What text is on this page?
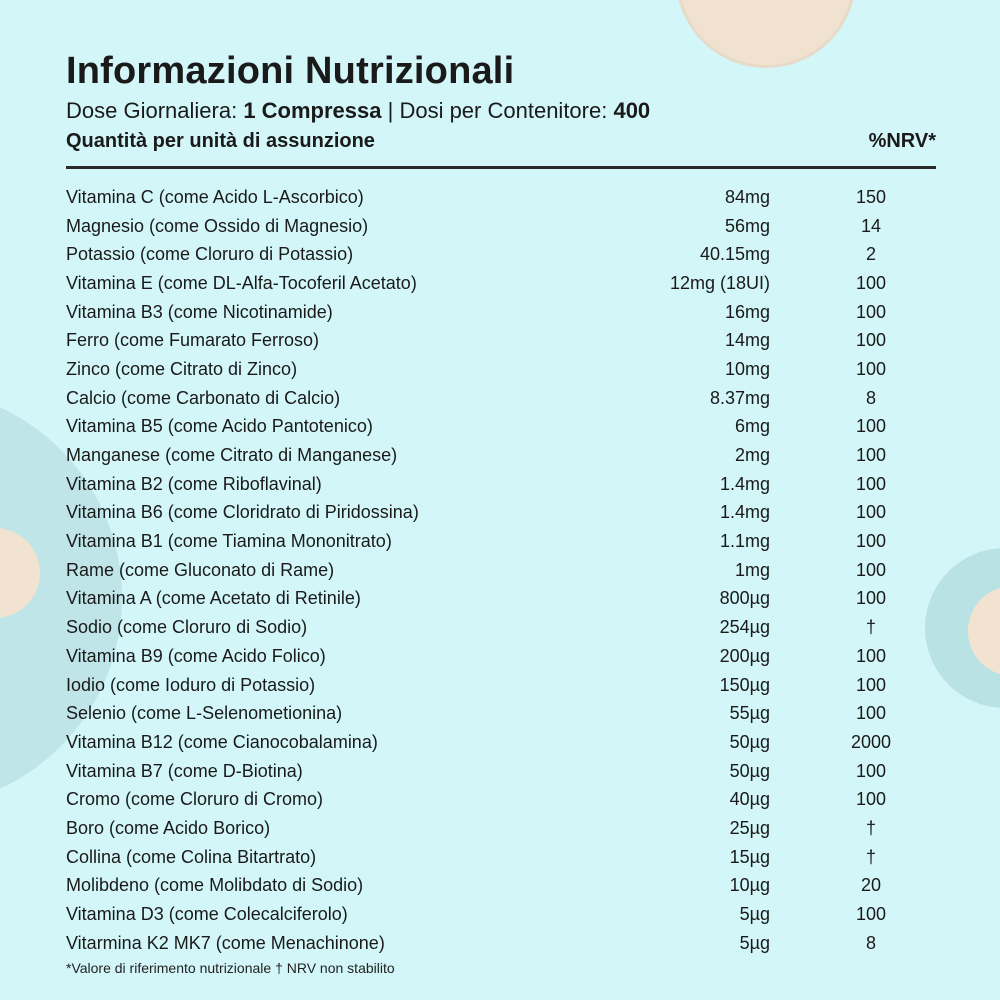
Informazioni Nutrizionali
Dose Giornaliera: 1 Compressa | Dosi per Contenitore: 400
Quantità per unità di assunzione	%NRV*
Vitamina C (come Acido L-Ascorbico)	84mg	150
Magnesio (come Ossido di Magnesio)	56mg	14
Potassio (come Cloruro di Potassio)	40.15mg	2
Vitamina E (come DL-Alfa-Tocoferil Acetato)	12mg (18UI)	100
Vitamina B3 (come Nicotinamide)	16mg	100
Ferro (come Fumarato Ferroso)	14mg	100
Zinco (come Citrato di Zinco)	10mg	100
Calcio (come Carbonato di Calcio)	8.37mg	8
Vitamina B5 (come Acido Pantotenico)	6mg	100
Manganese (come Citrato di Manganese)	2mg	100
Vitamina B2 (come Riboflavinal)	1.4mg	100
Vitamina B6 (come Cloridrato di Piridossina)	1.4mg	100
Vitamina B1 (come Tiamina Mononitrato)	1.1mg	100
Rame (come Gluconato di Rame)	1mg	100
Vitamina A (come Acetato di Retinile)	800µg	100
Sodio (come Cloruro di Sodio)	254µg	†
Vitamina B9 (come Acido Folico)	200µg	100
Iodio (come Ioduro di Potassio)	150µg	100
Selenio (come L-Selenometionina)	55µg	100
Vitamina B12 (come Cianocobalamina)	50µg	2000
Vitamina B7 (come D-Biotina)	50µg	100
Cromo (come Cloruro di Cromo)	40µg	100
Boro (come Acido Borico)	25µg	†
Collina (come Colina Bitartrato)	15µg	†
Molibdeno (come Molibdato di Sodio)	10µg	20
Vitamina D3 (come Colecalciferolo)	5µg	100
Vitarmina K2 MK7 (come Menachinone)	5µg	8
*Valore di riferimento nutrizionale † NRV non stabilito
